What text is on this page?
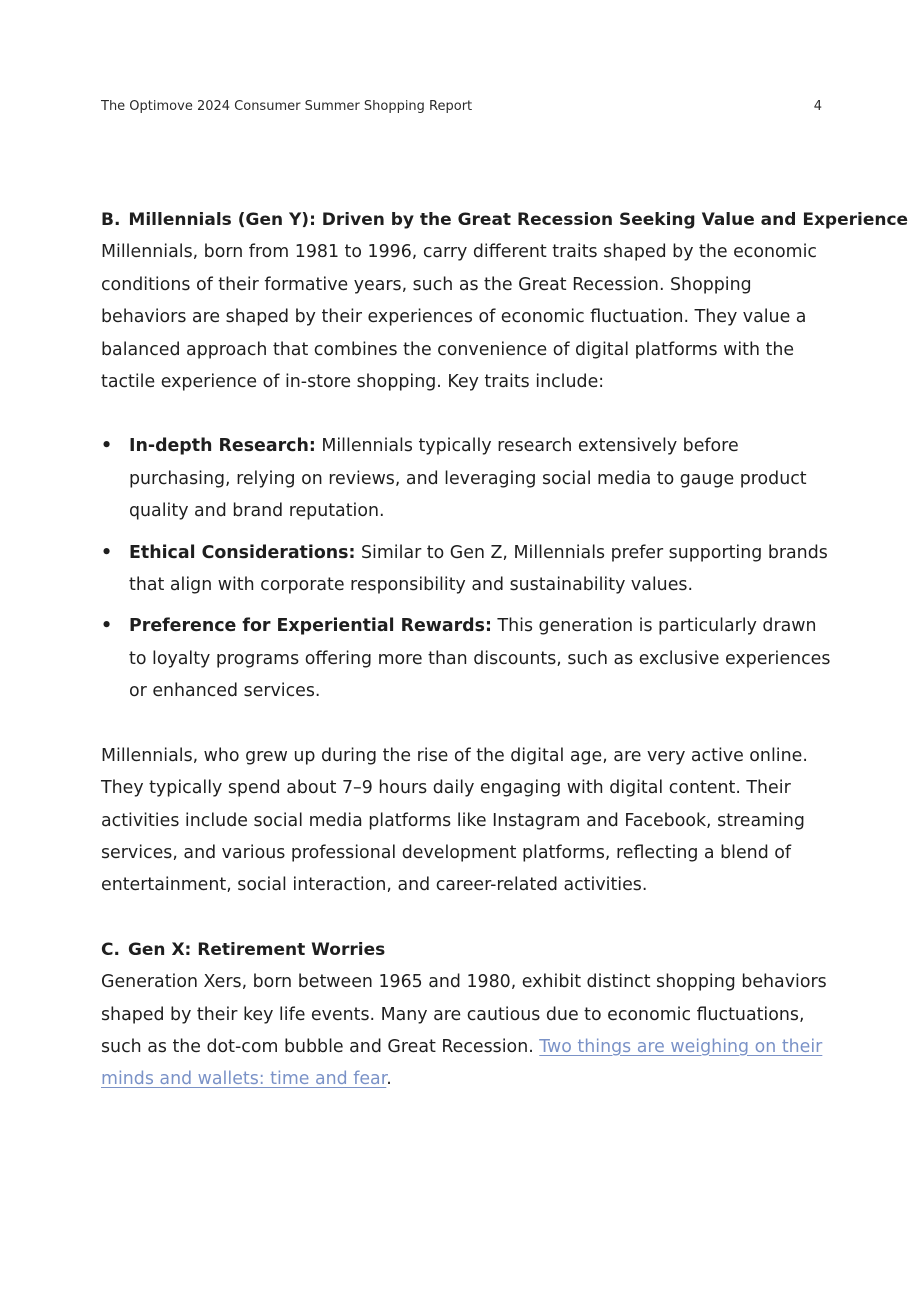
The Optimove 2024 Consumer Summer Shopping Report	4
B. Millennials (Gen Y): Driven by the Great Recession Seeking Value and Experience

Millennials, born from 1981 to 1996, carry different traits shaped by the economic conditions of their formative years, such as the Great Recession. Shopping behaviors are shaped by their experiences of economic fluctuation. They value a balanced approach that combines the convenience of digital platforms with the tactile experience of in-store shopping. Key traits include:

• In-depth Research: Millennials typically research extensively before purchasing, relying on reviews, and leveraging social media to gauge product quality and brand reputation.
• Ethical Considerations: Similar to Gen Z, Millennials prefer supporting brands that align with corporate responsibility and sustainability values.
• Preference for Experiential Rewards: This generation is particularly drawn to loyalty programs offering more than discounts, such as exclusive experiences or enhanced services.

Millennials, who grew up during the rise of the digital age, are very active online. They typically spend about 7–9 hours daily engaging with digital content. Their activities include social media platforms like Instagram and Facebook, streaming services, and various professional development platforms, reflecting a blend of entertainment, social interaction, and career-related activities.

C. Gen X: Retirement Worries

Generation Xers, born between 1965 and 1980, exhibit distinct shopping behaviors shaped by their key life events. Many are cautious due to economic fluctuations, such as the dot-com bubble and Great Recession. Two things are weighing on their minds and wallets: time and fear.
